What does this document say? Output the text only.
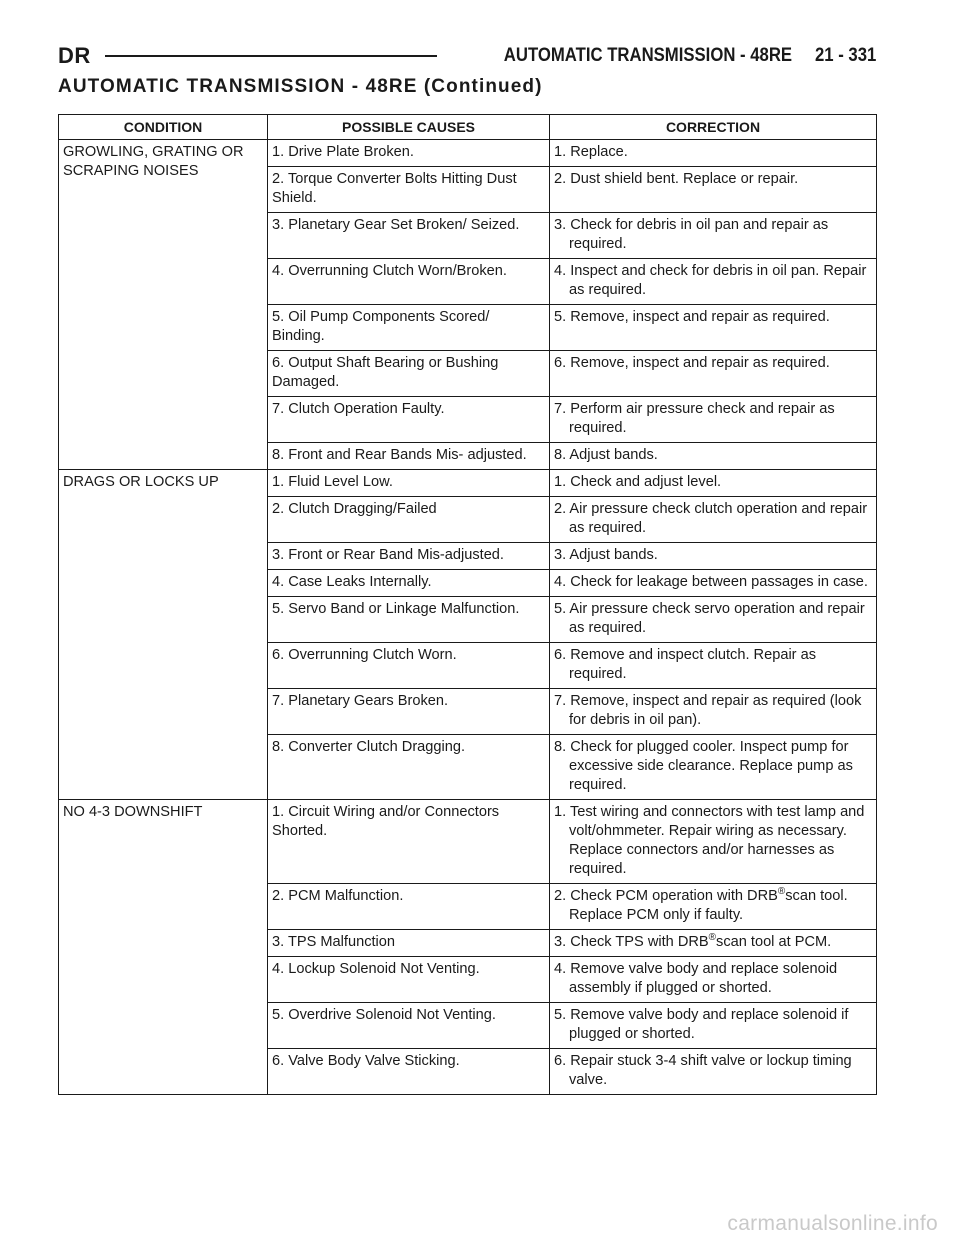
DR	AUTOMATIC TRANSMISSION - 48RE 21 - 331
AUTOMATIC TRANSMISSION - 48RE (Continued)
CONDITION	POSSIBLE CAUSES	CORRECTION
GROWLING, GRATING OR SCRAPING NOISES	1. Drive Plate Broken.	1. Replace.
	2. Torque Converter Bolts Hitting Dust Shield.	2. Dust shield bent. Replace or repair.
	3. Planetary Gear Set Broken/ Seized.	3. Check for debris in oil pan and repair as required.
	4. Overrunning Clutch Worn/Broken.	4. Inspect and check for debris in oil pan. Repair as required.
	5. Oil Pump Components Scored/ Binding.	5. Remove, inspect and repair as required.
	6. Output Shaft Bearing or Bushing Damaged.	6. Remove, inspect and repair as required.
	7. Clutch Operation Faulty.	7. Perform air pressure check and repair as required.
	8. Front and Rear Bands Mis- adjusted.	8. Adjust bands.
DRAGS OR LOCKS UP	1. Fluid Level Low.	1. Check and adjust level.
	2. Clutch Dragging/Failed	2. Air pressure check clutch operation and repair as required.
	3. Front or Rear Band Mis-adjusted.	3. Adjust bands.
	4. Case Leaks Internally.	4. Check for leakage between passages in case.
	5. Servo Band or Linkage Malfunction.	5. Air pressure check servo operation and repair as required.
	6. Overrunning Clutch Worn.	6. Remove and inspect clutch. Repair as required.
	7. Planetary Gears Broken.	7. Remove, inspect and repair as required (look for debris in oil pan).
	8. Converter Clutch Dragging.	8. Check for plugged cooler. Inspect pump for excessive side clearance. Replace pump as required.
NO 4-3 DOWNSHIFT	1. Circuit Wiring and/or Connectors Shorted.	1. Test wiring and connectors with test lamp and volt/ohmmeter. Repair wiring as necessary. Replace connectors and/or harnesses as required.
	2. PCM Malfunction.	2. Check PCM operation with DRB®scan tool. Replace PCM only if faulty.
	3. TPS Malfunction	3. Check TPS with DRB®scan tool at PCM.
	4. Lockup Solenoid Not Venting.	4. Remove valve body and replace solenoid assembly if plugged or shorted.
	5. Overdrive Solenoid Not Venting.	5. Remove valve body and replace solenoid if plugged or shorted.
	6. Valve Body Valve Sticking.	6. Repair stuck 3-4 shift valve or lockup timing valve.
carmanualsonline.info
